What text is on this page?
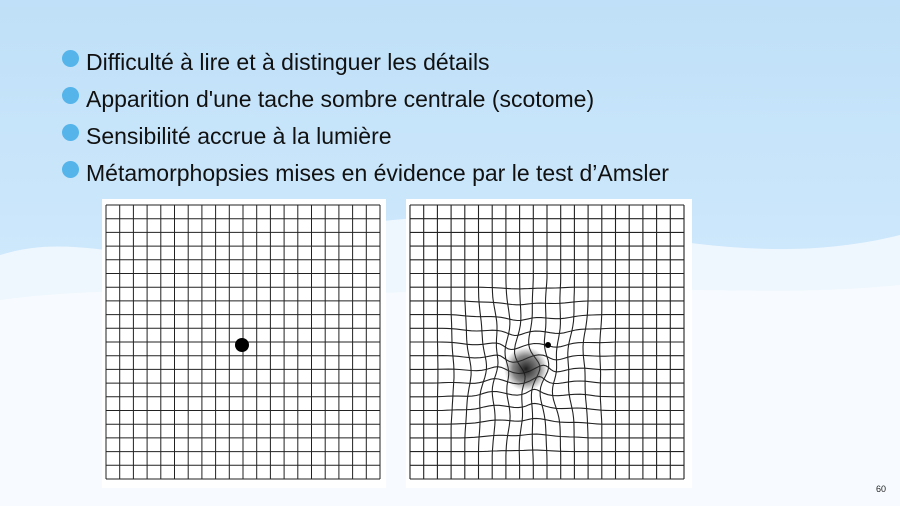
Difficulté à lire et à distinguer les détails
Apparition d'une tache sombre centrale (scotome)
Sensibilité accrue à la lumière
Métamorphopsies mises en évidence par le test d’Amsler
60
